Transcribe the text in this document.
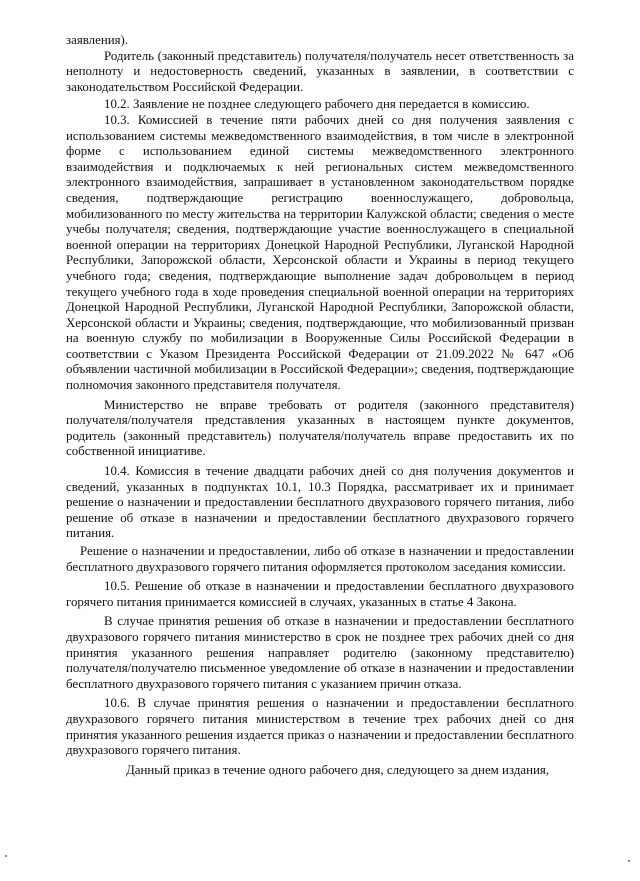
заявления).

Родитель (законный представитель) получателя/получатель несет ответственность за неполноту и недостоверность сведений, указанных в заявлении, в соответствии с законодательством Российской Федерации.

10.2. Заявление не позднее следующего рабочего дня передается в комиссию.

10.3. Комиссией в течение пяти рабочих дней со дня получения заявления с использованием системы межведомственного взаимодействия, в том числе в электронной форме с использованием единой системы межведомственного электронного взаимодействия и подключаемых к ней региональных систем межведомственного электронного взаимодействия, запрашивает в установленном законодательством порядке сведения, подтверждающие регистрацию военнослужащего, добровольца, мобилизованного по месту жительства на территории Калужской области; сведения о месте учебы получателя; сведения, подтверждающие участие военнослужащего в специальной военной операции на территориях Донецкой Народной Республики, Луганской Народной Республики, Запорожской области, Херсонской области и Украины в период текущего учебного года; сведения, подтверждающие выполнение задач добровольцем в период текущего учебного года в ходе проведения специальной военной операции на территориях Донецкой Народной Республики, Луганской Народной Республики, Запорожской области, Херсонской области и Украины; сведения, подтверждающие, что мобилизованный призван на военную службу по мобилизации в Вооруженные Силы Российской Федерации в соответствии с Указом Президента Российской Федерации от 21.09.2022 № 647 «Об объявлении частичной мобилизации в Российской Федерации»; сведения, подтверждающие полномочия законного представителя получателя.

Министерство не вправе требовать от родителя (законного представителя) получателя/получателя представления указанных в настоящем пункте документов, родитель (законный представитель) получателя/получатель вправе предоставить их по собственной инициативе.

10.4. Комиссия в течение двадцати рабочих дней со дня получения документов и сведений, указанных в подпунктах 10.1, 10.3 Порядка, рассматривает их и принимает решение о назначении и предоставлении бесплатного двухразового горячего питания, либо решение об отказе в назначении и предоставлении бесплатного двухразового горячего питания.

Решение о назначении и предоставлении, либо об отказе в назначении и предоставлении бесплатного двухразового горячего питания оформляется протоколом заседания комиссии.

10.5. Решение об отказе в назначении и предоставлении бесплатного двухразового горячего питания принимается комиссией в случаях, указанных в статье 4 Закона.

В случае принятия решения об отказе в назначении и предоставлении бесплатного двухразового горячего питания министерство в срок не позднее трех рабочих дней со дня принятия указанного решения направляет родителю (законному представителю) получателя/получателю письменное уведомление об отказе в назначении и предоставлении бесплатного двухразового горячего питания с указанием причин отказа.

10.6. В случае принятия решения о назначении и предоставлении бесплатного двухразового горячего питания министерством в течение трех рабочих дней со дня принятия указанного решения издается приказ о назначении и предоставлении бесплатного двухразового горячего питания.

Данный приказ в течение одного рабочего дня, следующего за днем издания,
